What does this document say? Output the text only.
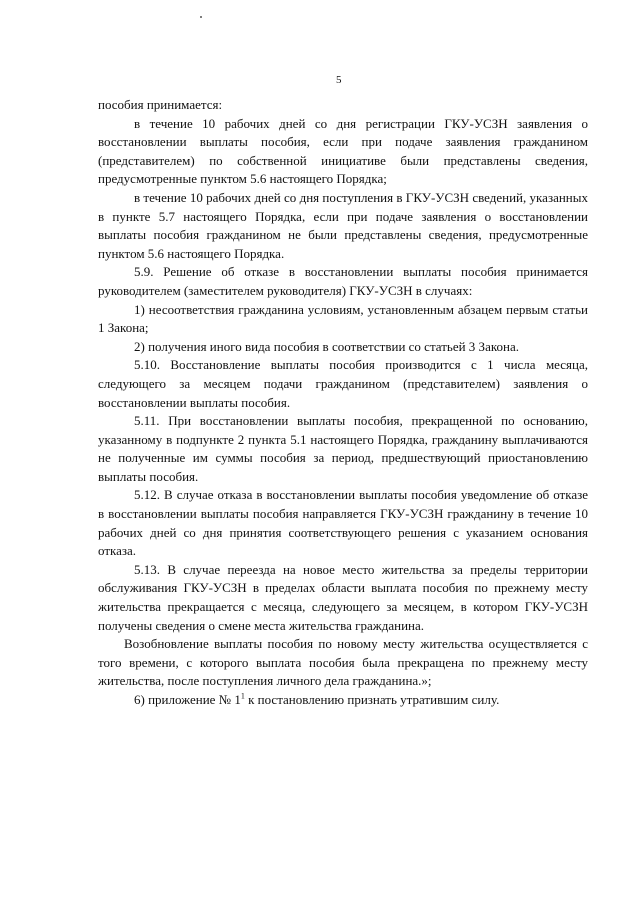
5

пособия принимается:

в течение 10 рабочих дней со дня регистрации ГКУ-УСЗН заявления о восстановлении выплаты пособия, если при подаче заявления гражданином (представителем) по собственной инициативе были представлены сведения, предусмотренные пунктом 5.6 настоящего Порядка;

в течение 10 рабочих дней со дня поступления в ГКУ-УСЗН сведений, указанных в пункте 5.7 настоящего Порядка, если при подаче заявления о восстановлении выплаты пособия гражданином не были представлены сведения, предусмотренные пунктом 5.6 настоящего Порядка.

5.9. Решение об отказе в восстановлении выплаты пособия принимается руководителем (заместителем руководителя) ГКУ-УСЗН в случаях:

1) несоответствия гражданина условиям, установленным абзацем первым статьи 1 Закона;

2) получения иного вида пособия в соответствии со статьей 3 Закона.

5.10. Восстановление выплаты пособия производится с 1 числа месяца, следующего за месяцем подачи гражданином (представителем) заявления о восстановлении выплаты пособия.

5.11. При восстановлении выплаты пособия, прекращенной по основанию, указанному в подпункте 2 пункта 5.1 настоящего Порядка, гражданину выплачиваются не полученные им суммы пособия за период, предшествующий приостановлению выплаты пособия.

5.12. В случае отказа в восстановлении выплаты пособия уведомление об отказе в восстановлении выплаты пособия направляется ГКУ-УСЗН гражданину в течение 10 рабочих дней со дня принятия соответствующего решения с указанием основания отказа.

5.13. В случае переезда на новое место жительства за пределы территории обслуживания ГКУ-УСЗН в пределах области выплата пособия по прежнему месту жительства прекращается с месяца, следующего за месяцем, в котором ГКУ-УСЗН получены сведения о смене места жительства гражданина.

Возобновление выплаты пособия по новому месту жительства осуществляется с того времени, с которого выплата пособия была прекращена по прежнему месту жительства, после поступления личного дела гражданина.»;

6) приложение № $1^1$ к постановлению признать утратившим силу.
